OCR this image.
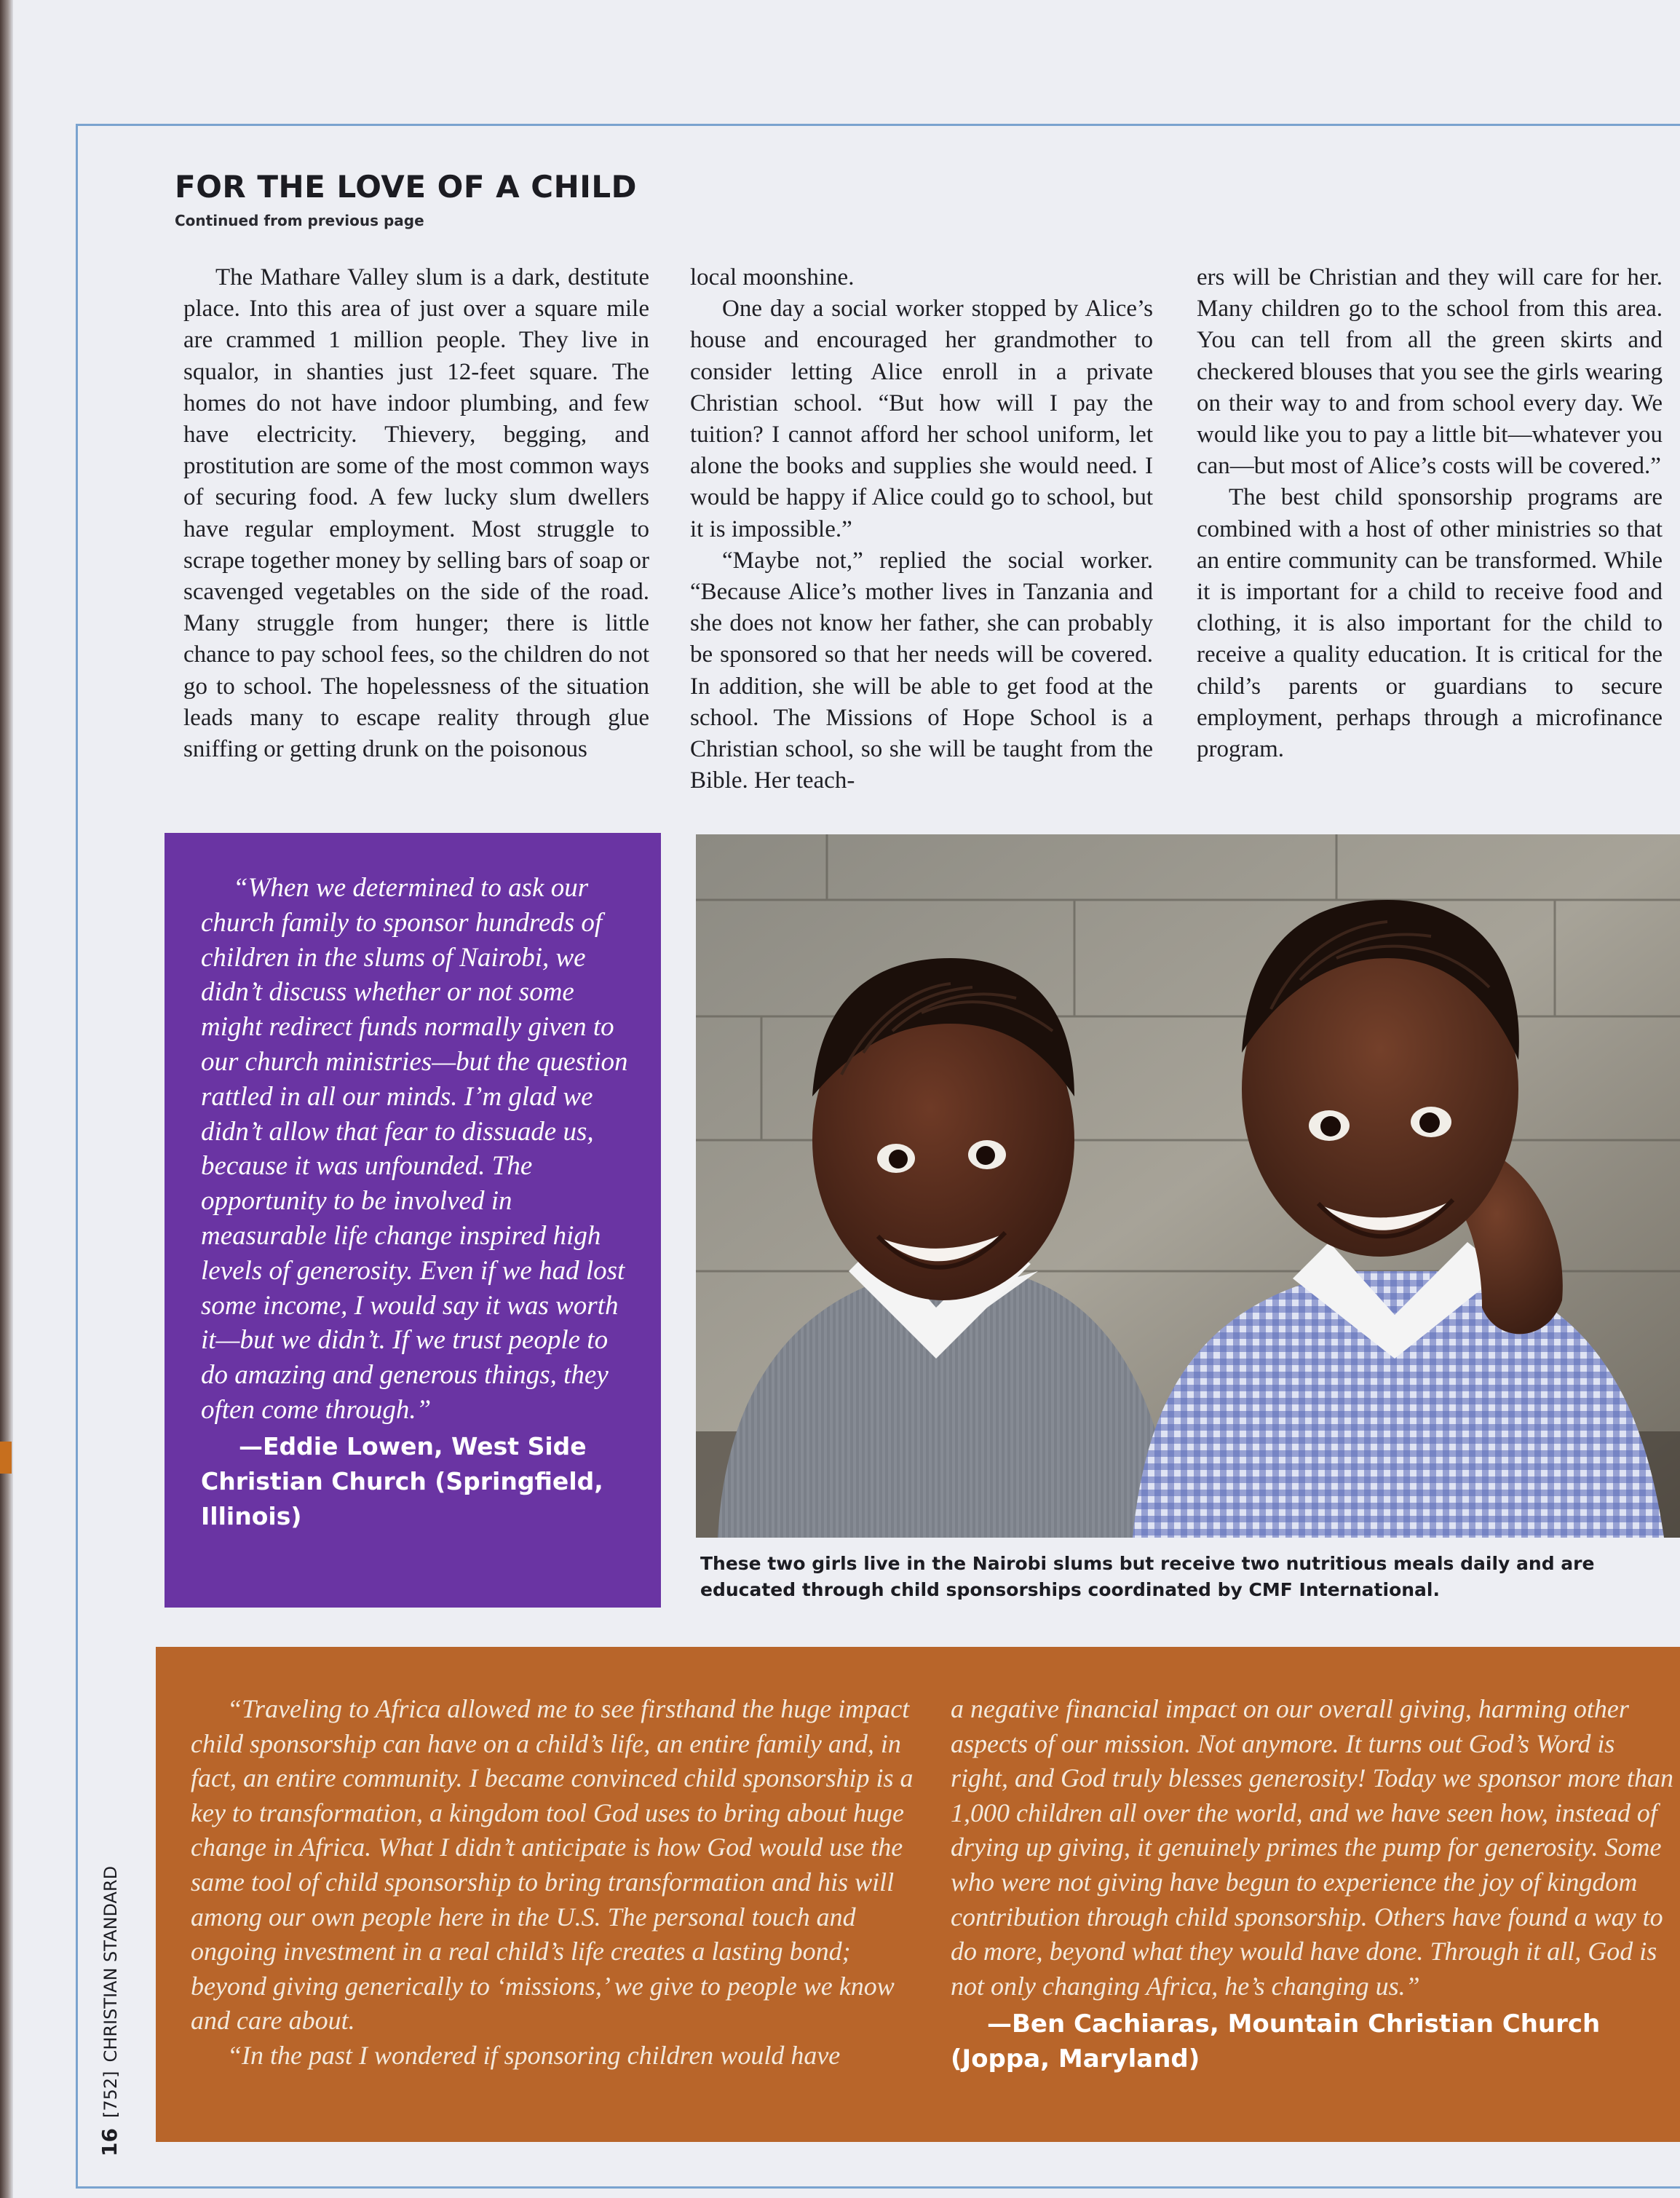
FOR THE LOVE OF A CHILD
Continued from previous page

The Mathare Valley slum is a dark, destitute place. Into this area of just over a square mile are crammed 1 million people. They live in squalor, in shanties just 12-feet square. The homes do not have indoor plumbing, and few have electricity. Thievery, begging, and prostitution are some of the most common ways of securing food. A few lucky slum dwellers have regular employment. Most struggle to scrape together money by selling bars of soap or scavenged vegetables on the side of the road. Many struggle from hunger; there is little chance to pay school fees, so the children do not go to school. The hopelessness of the situation leads many to escape reality through glue sniffing or getting drunk on the poisonous

local moonshine.

One day a social worker stopped by Alice’s house and encouraged her grandmother to consider letting Alice enroll in a private Christian school. “But how will I pay the tuition? I cannot afford her school uniform, let alone the books and supplies she would need. I would be happy if Alice could go to school, but it is impossible.”

“Maybe not,” replied the social worker. “Because Alice’s mother lives in Tanzania and she does not know her father, she can probably be sponsored so that her needs will be covered. In addition, she will be able to get food at the school. The Missions of Hope School is a Christian school, so she will be taught from the Bible. Her teach-

ers will be Christian and they will care for her. Many children go to the school from this area. You can tell from all the green skirts and checkered blouses that you see the girls wearing on their way to and from school every day. We would like you to pay a little bit—whatever you can—but most of Alice’s costs will be covered.”

The best child sponsorship programs are combined with a host of other ministries so that an entire community can be transformed. While it is important for a child to receive food and clothing, it is also important for the child to receive a quality education. It is critical for the child’s parents or guardians to secure employment, perhaps through a microfinance program.

“When we determined to ask our church family to sponsor hundreds of children in the slums of Nairobi, we didn’t discuss whether or not some might redirect funds normally given to our church ministries—but the question rattled in all our minds. I’m glad we didn’t allow that fear to dissuade us, because it was unfounded. The opportunity to be involved in measurable life change inspired high levels of generosity. Even if we had lost some income, I would say it was worth it—but we didn’t. If we trust people to do amazing and generous things, they often come through.”

—Eddie Lowen, West Side
Christian Church (Springfield,
Illinois)
These two girls live in the Nairobi slums but receive two nutritious meals daily and are educated through child sponsorships coordinated by CMF International.

“Traveling to Africa allowed me to see firsthand the huge impact child sponsorship can have on a child’s life, an entire family and, in fact, an entire community. I became convinced child sponsorship is a key to transformation, a kingdom tool God uses to bring about huge change in Africa. What I didn’t anticipate is how God would use the same tool of child sponsorship to bring transformation and his will among our own people here in the U.S. The personal touch and ongoing investment in a real child’s life creates a lasting bond; beyond giving generically to ‘missions,’ we give to people we know and care about.

“In the past I wondered if sponsoring children would have

a negative financial impact on our overall giving, harming other aspects of our mission. Not anymore. It turns out God’s Word is right, and God truly blesses generosity! Today we sponsor more than 1,000 children all over the world, and we have seen how, instead of drying up giving, it genuinely primes the pump for generosity. Some who were not giving have begun to experience the joy of kingdom contribution through child sponsorship. Others have found a way to do more, beyond what they would have done. Through it all, God is not only changing Africa, he’s changing us.”

—Ben Cachiaras, Mountain Christian Church
(Joppa, Maryland)
16[752]CHRISTIAN STANDARD
